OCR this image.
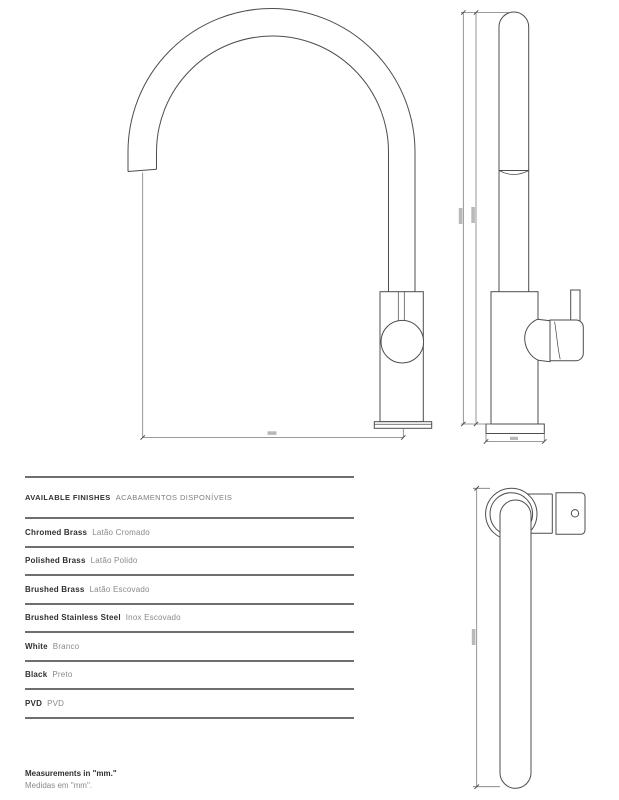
AVAILABLE FINISHES ACABAMENTOS DISPONÍVEIS
Chromed Brass Latão Cromado
Polished Brass Latão Polido
Brushed Brass Latão Escovado
Brushed Stainless Steel Inox Escovado
White Branco
Black Preto
PVD PVD
Measurements in "mm."
Medidas em "mm".
